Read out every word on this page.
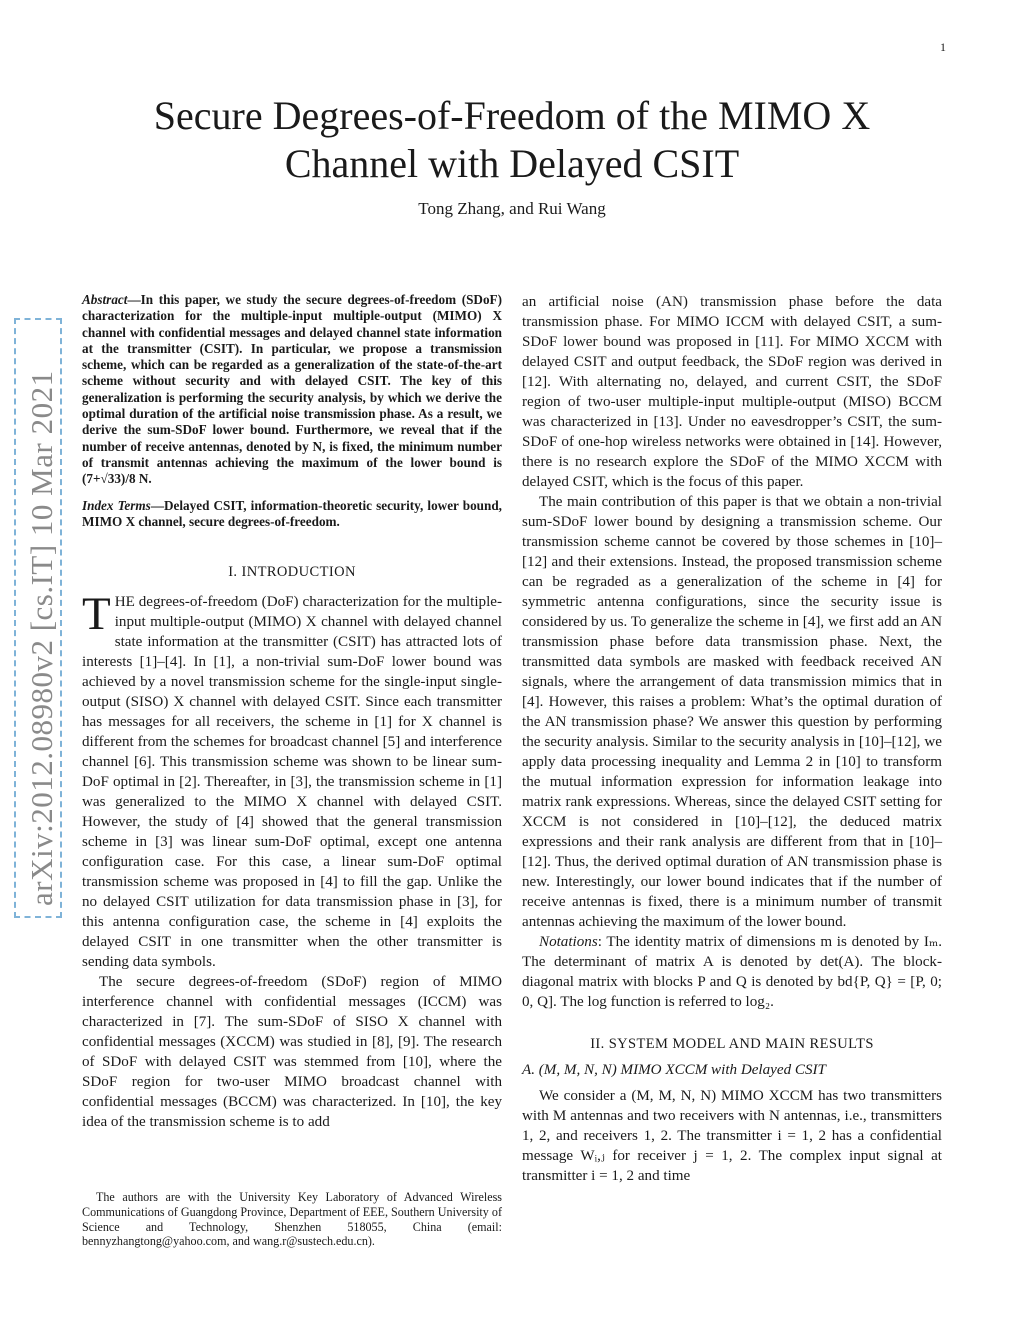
1
arXiv:2012.08980v2 [cs.IT] 10 Mar 2021
Secure Degrees-of-Freedom of the MIMO X
Channel with Delayed CSIT
Tong Zhang, and Rui Wang
Abstract—In this paper, we study the secure degrees-of-freedom (SDoF) characterization for the multiple-input multiple-output (MIMO) X channel with confidential messages and delayed channel state information at the transmitter (CSIT). In particular, we propose a transmission scheme, which can be regarded as a generalization of the state-of-the-art scheme without security and with delayed CSIT. The key of this generalization is performing the security analysis, by which we derive the optimal duration of the artificial noise transmission phase. As a result, we derive the sum-SDoF lower bound. Furthermore, we reveal that if the number of receive antennas, denoted by N, is fixed, the minimum number of transmit antennas achieving the maximum of the lower bound is (7+√33)/8 N.
Index Terms—Delayed CSIT, information-theoretic security, lower bound, MIMO X channel, secure degrees-of-freedom.
I. INTRODUCTION

THE degrees-of-freedom (DoF) characterization for the multiple-input multiple-output (MIMO) X channel with delayed channel state information at the transmitter (CSIT) has attracted lots of interests [1]–[4]. In [1], a non-trivial sum-DoF lower bound was achieved by a novel transmission scheme for the single-input single-output (SISO) X channel with delayed CSIT. Since each transmitter has messages for all receivers, the scheme in [1] for X channel is different from the schemes for broadcast channel [5] and interference channel [6]. This transmission scheme was shown to be linear sum-DoF optimal in [2]. Thereafter, in [3], the transmission scheme in [1] was generalized to the MIMO X channel with delayed CSIT. However, the study of [4] showed that the general transmission scheme in [3] was linear sum-DoF optimal, except one antenna configuration case. For this case, a linear sum-DoF optimal transmission scheme was proposed in [4] to fill the gap. Unlike the no delayed CSIT utilization for data transmission phase in [3], for this antenna configuration case, the scheme in [4] exploits the delayed CSIT in one transmitter when the other transmitter is sending data symbols.

The secure degrees-of-freedom (SDoF) region of MIMO interference channel with confidential messages (ICCM) was characterized in [7]. The sum-SDoF of SISO X channel with confidential messages (XCCM) was studied in [8], [9]. The research of SDoF with delayed CSIT was stemmed from [10], where the SDoF region for two-user MIMO broadcast channel with confidential messages (BCCM) was characterized. In [10], the key idea of the transmission scheme is to add

The authors are with the University Key Laboratory of Advanced Wireless Communications of Guangdong Province, Department of EEE, Southern University of Science and Technology, Shenzhen 518055, China (email: bennyzhangtong@yahoo.com, and wang.r@sustech.edu.cn).

an artificial noise (AN) transmission phase before the data transmission phase. For MIMO ICCM with delayed CSIT, a sum-SDoF lower bound was proposed in [11]. For MIMO XCCM with delayed CSIT and output feedback, the SDoF region was derived in [12]. With alternating no, delayed, and current CSIT, the SDoF region of two-user multiple-input multiple-output (MISO) BCCM was characterized in [13]. Under no eavesdropper’s CSIT, the sum-SDoF of one-hop wireless networks were obtained in [14]. However, there is no research explore the SDoF of the MIMO XCCM with delayed CSIT, which is the focus of this paper.

The main contribution of this paper is that we obtain a non-trivial sum-SDoF lower bound by designing a transmission scheme. Our transmission scheme cannot be covered by those schemes in [10]–[12] and their extensions. Instead, the proposed transmission scheme can be regraded as a generalization of the scheme in [4] for symmetric antenna configurations, since the security issue is considered by us. To generalize the scheme in [4], we first add an AN transmission phase before data transmission phase. Next, the transmitted data symbols are masked with feedback received AN signals, where the arrangement of data transmission mimics that in [4]. However, this raises a problem: What’s the optimal duration of the AN transmission phase? We answer this question by performing the security analysis. Similar to the security analysis in [10]–[12], we apply data processing inequality and Lemma 2 in [10] to transform the mutual information expression for information leakage into matrix rank expressions. Whereas, since the delayed CSIT setting for XCCM is not considered in [10]–[12], the deduced matrix expressions and their rank analysis are different from that in [10]–[12]. Thus, the derived optimal duration of AN transmission phase is new. Interestingly, our lower bound indicates that if the number of receive antennas is fixed, there is a minimum number of transmit antennas achieving the maximum of the lower bound.

Notations: The identity matrix of dimensions m is denoted by Iₘ. The determinant of matrix A is denoted by det(A). The block-diagonal matrix with blocks P and Q is denoted by bd{P, Q} = [P, 0; 0, Q]. The log function is referred to log₂.

II. SYSTEM MODEL AND MAIN RESULTS
A. (M, M, N, N) MIMO XCCM with Delayed CSIT

We consider a (M, M, N, N) MIMO XCCM has two transmitters with M antennas and two receivers with N antennas, i.e., transmitters 1, 2, and receivers 1, 2. The transmitter i = 1, 2 has a confidential message Wᵢ,ⱼ for receiver j = 1, 2. The complex input signal at transmitter i = 1, 2 and time
